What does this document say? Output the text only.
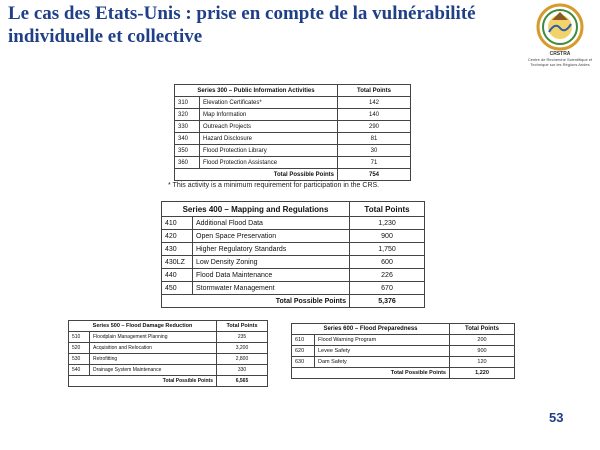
Le cas des Etats-Unis : prise en compte de la vulnérabilité individuelle et collective
CRSTRA
Centre de Recherche Scientifique et Technique sur les Régions Arides
Series 300 – Public Information Activities		Total Points
310	Elevation Certificates*	142
320	Map Information	140
330	Outreach Projects	290
340	Hazard Disclosure	81
350	Flood Protection Library	30
360	Flood Protection Assistance	71
Total Possible Points		754
* This activity is a minimum requirement for participation in the CRS.
Series 400 – Mapping and Regulations		Total Points
410	Additional Flood Data	1,230
420	Open Space Preservation	900
430	Higher Regulatory Standards	1,750
430LZ	Low Density Zoning	600
440	Flood Data Maintenance	226
450	Stormwater Management	670
Total Possible Points		5,376
Series 500 – Flood Damage Reduction		Total Points
510	Floodplain Management Planning	235
520	Acquisition and Relocation	3,200
530	Retrofitting	2,800
540	Drainage System Maintenance	330
Total Possible Points		6,565
Series 600 – Flood Preparedness		Total Points
610	Flood Warning Program	200
620	Levee Safety	900
630	Dam Safety	120
Total Possible Points		1,220
53
